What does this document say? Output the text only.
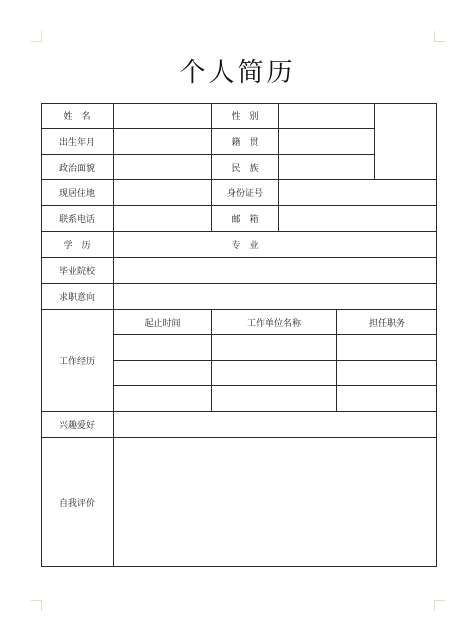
个人简历
姓　名	性　别
出生年月	籍　贯
政治面貌	民　族
现居住地	身份证号
联系电话	邮　箱
学　历	专　业
毕业院校
求职意向
工作经历
起止时间	工作单位名称	担任职务
兴趣爱好
自我评价
